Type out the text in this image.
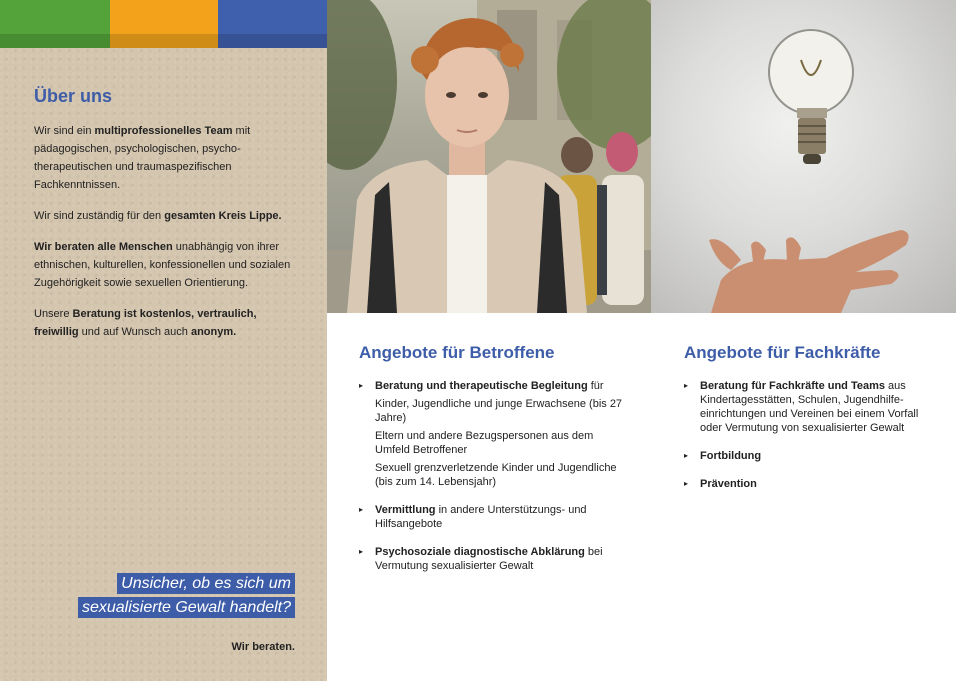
Über uns

Wir sind ein multiprofessionelles Team mit pädagogischen, psychologischen, psycho-therapeutischen und traumaspezifischen Fachkenntnissen.

Wir sind zuständig für den gesamten Kreis Lippe.

Wir beraten alle Menschen unabhängig von ihrer ethnischen, kulturellen, konfessionellen und sozialen Zugehörigkeit sowie sexuellen Orientierung.

Unsere Beratung ist kostenlos, vertraulich, freiwillig und auf Wunsch auch anonym.

Unsicher, ob es sich um
sexualisierte Gewalt handelt?
Wir beraten.
Angebote für Betroffene
▸ Beratung und therapeutische Begleitung für
Kinder, Jugendliche und junge Erwachsene (bis 27 Jahre)
Eltern und andere Bezugspersonen aus dem Umfeld Betroffener
Sexuell grenzverletzende Kinder und Jugendliche (bis zum 14. Lebensjahr)
▸ Vermittlung in andere Unterstützungs- und Hilfsangebote
▸ Psychosoziale diagnostische Abklärung bei Vermutung sexualisierter Gewalt
Angebote für Fachkräfte
▸ Beratung für Fachkräfte und Teams aus Kindertagesstätten, Schulen, Jugendhilfe-einrichtungen und Vereinen bei einem Vorfall oder Vermutung von sexualisierter Gewalt
▸ Fortbildung
▸ Prävention
